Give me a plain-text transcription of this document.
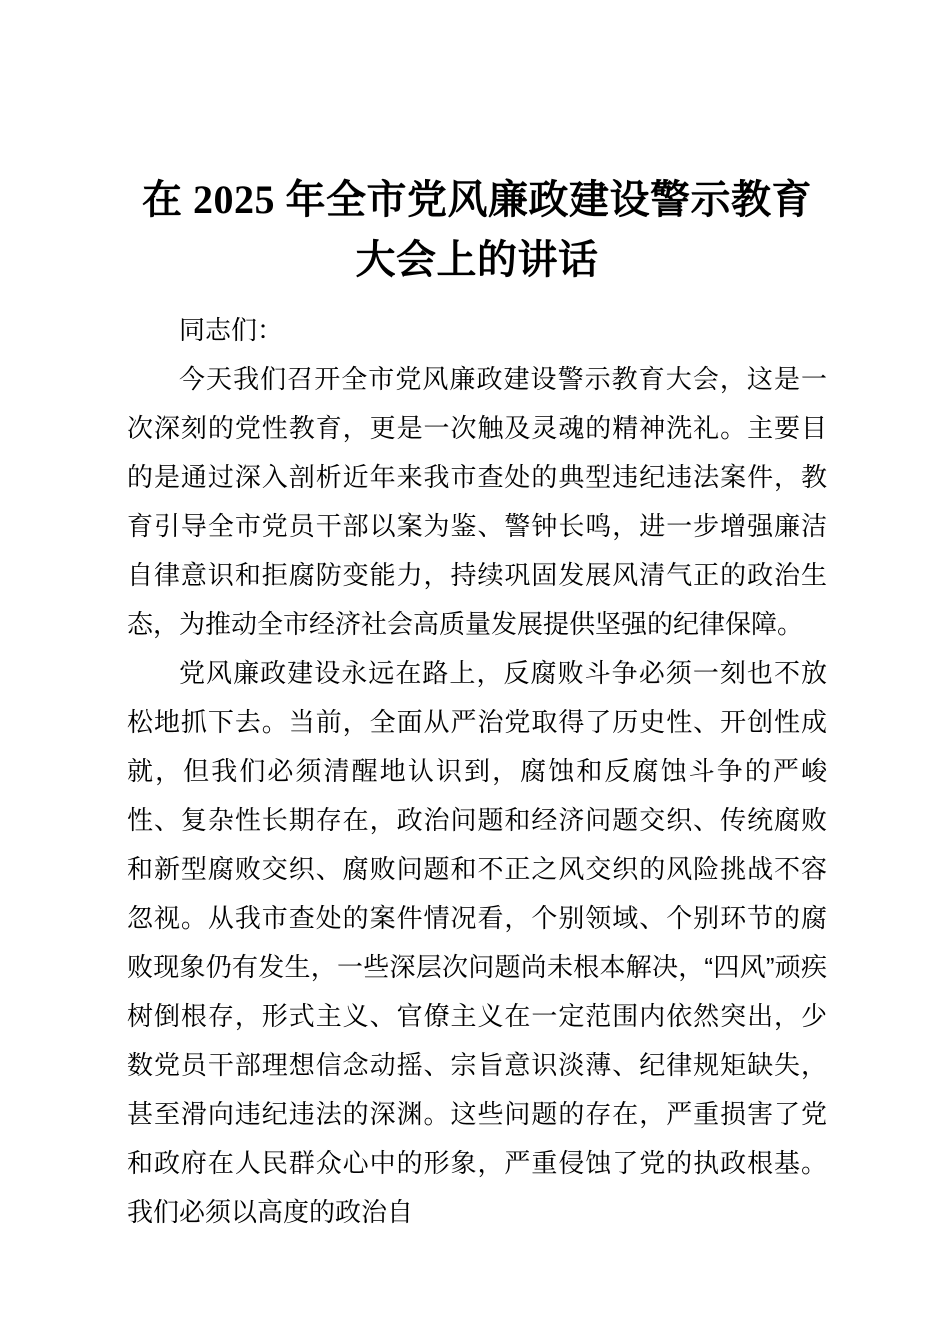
在 2025 年全市党风廉政建设警示教育大会上的讲话

同志们：

今天我们召开全市党风廉政建设警示教育大会，这是一次深刻的党性教育，更是一次触及灵魂的精神洗礼。主要目的是通过深入剖析近年来我市查处的典型违纪违法案件，教育引导全市党员干部以案为鉴、警钟长鸣，进一步增强廉洁自律意识和拒腐防变能力，持续巩固发展风清气正的政治生态，为推动全市经济社会高质量发展提供坚强的纪律保障。

党风廉政建设永远在路上，反腐败斗争必须一刻也不放松地抓下去。当前，全面从严治党取得了历史性、开创性成就，但我们必须清醒地认识到，腐蚀和反腐蚀斗争的严峻性、复杂性长期存在，政治问题和经济问题交织、传统腐败和新型腐败交织、腐败问题和不正之风交织的风险挑战不容忽视。从我市查处的案件情况看，个别领域、个别环节的腐败现象仍有发生，一些深层次问题尚未根本解决，“四风”顽疾树倒根存，形式主义、官僚主义在一定范围内依然突出，少数党员干部理想信念动摇、宗旨意识淡薄、纪律规矩缺失，甚至滑向违纪违法的深渊。这些问题的存在，严重损害了党和政府在人民群众心中的形象，严重侵蚀了党的执政根基。我们必须以高度的政治自
